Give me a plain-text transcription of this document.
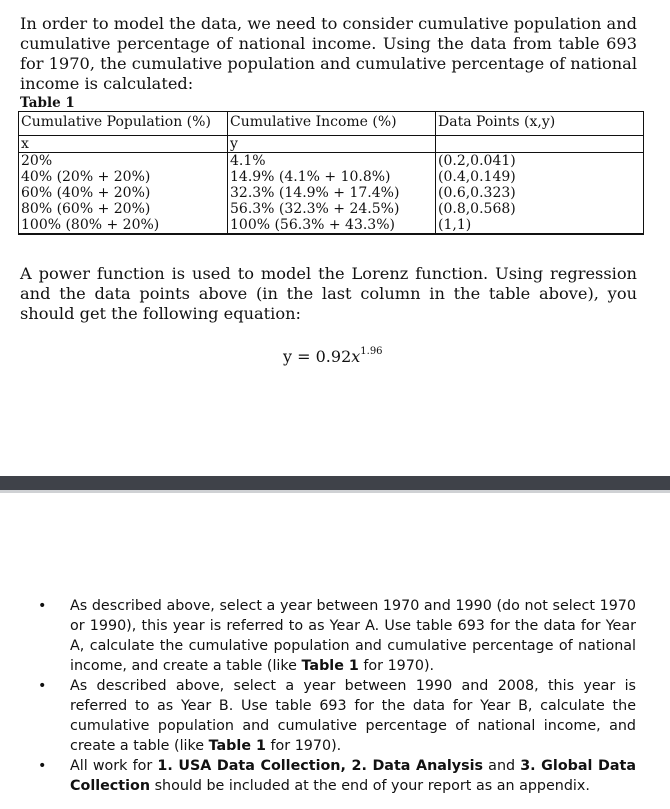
In order to model the data, we need to consider cumulative population and cumulative percentage of national income. Using the data from table 693 for 1970, the cumulative population and cumulative percentage of national income is calculated:

Table 1

Cumulative Population (%)	Cumulative Income (%)	Data Points (x,y)
x	y	
20%	4.1%	(0.2,0.041)
40% (20% + 20%)	14.9% (4.1% + 10.8%)	(0.4,0.149)
60% (40% + 20%)	32.3% (14.9% + 17.4%)	(0.6,0.323)
80% (60% + 20%)	56.3% (32.3% + 24.5%)	(0.8,0.568)
100% (80% + 20%)	100% (56.3% + 43.3%)	(1,1)

A power function is used to model the Lorenz function. Using regression and the data points above (in the last column in the table above), you should get the following equation:

$y = 0.92x^{1.96}$
• As described above, select a year between 1970 and 1990 (do not select 1970 or 1990), this year is referred to as Year A. Use table 693 for the data for Year A, calculate the cumulative population and cumulative percentage of national income, and create a table (like Table 1 for 1970).
• As described above, select a year between 1990 and 2008, this year is referred to as Year B. Use table 693 for the data for Year B, calculate the cumulative population and cumulative percentage of national income, and create a table (like Table 1 for 1970).
• All work for 1. USA Data Collection, 2. Data Analysis and 3. Global Data Collection should be included at the end of your report as an appendix.
